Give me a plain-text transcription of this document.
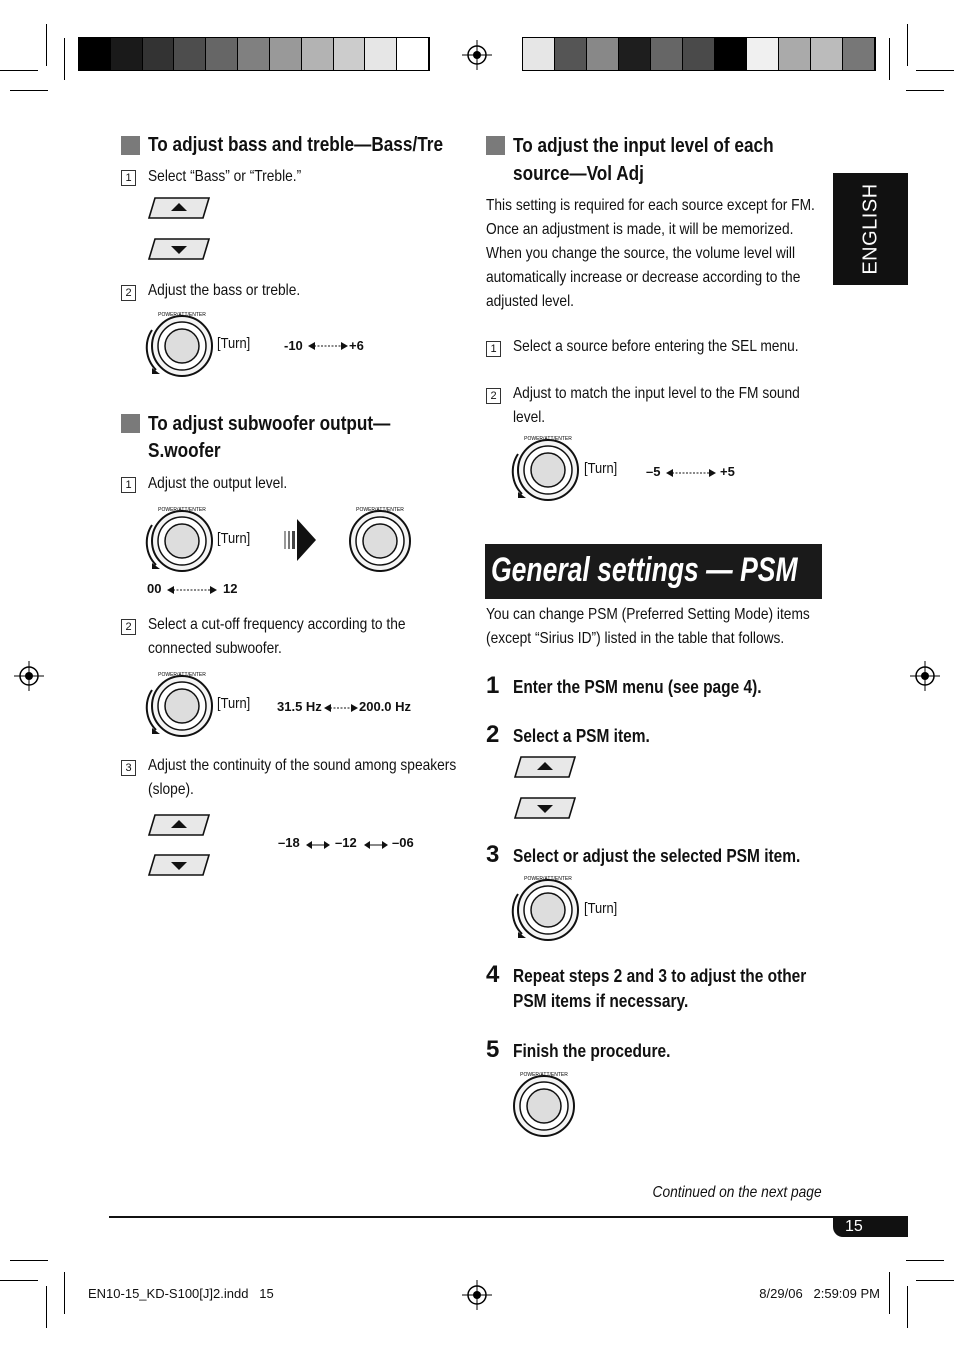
ENGLISH
To adjust bass and treble—Bass/Tre
1 Select “Bass” or “Treble.”
2 Adjust the bass or treble.
POWER/ATT/ENTER
[Turn]	-10	+6
To adjust subwoofer output—
S.woofer
1 Adjust the output level.
POWER/ATT/ENTER
[Turn]
POWER/ATT/ENTER
00	12
2 Select a cut-off frequency according to the
connected subwoofer.
POWER/ATT/ENTER
[Turn] 31.5 Hz	200.0 Hz
3 Adjust the continuity of the sound among speakers
(slope).
–18	–12	–06
To adjust the input level of each
source—Vol Adj
This setting is required for each source except for FM.
Once an adjustment is made, it will be memorized.
When you change the source, the volume level will
automatically increase or decrease according to the
adjusted level.
1 Select a source before entering the SEL menu.
2 Adjust to match the input level to the FM sound
level.
POWER/ATT/ENTER
[Turn] –5	+5
General settings — PSM
You can change PSM (Preferred Setting Mode) items
(except “Sirius ID”) listed in the table that follows.
1 Enter the PSM menu (see page 4).
2 Select a PSM item.
3 Select or adjust the selected PSM item.
POWER/ATT/ENTER
[Turn]
4 Repeat steps 2 and 3 to adjust the other
PSM items if necessary.
5 Finish the procedure.
POWER/ATT/ENTER
Continued on the next page
15
EN10-15_KD-S100[J]2.indd   15	8/29/06   2:59:09 PM
